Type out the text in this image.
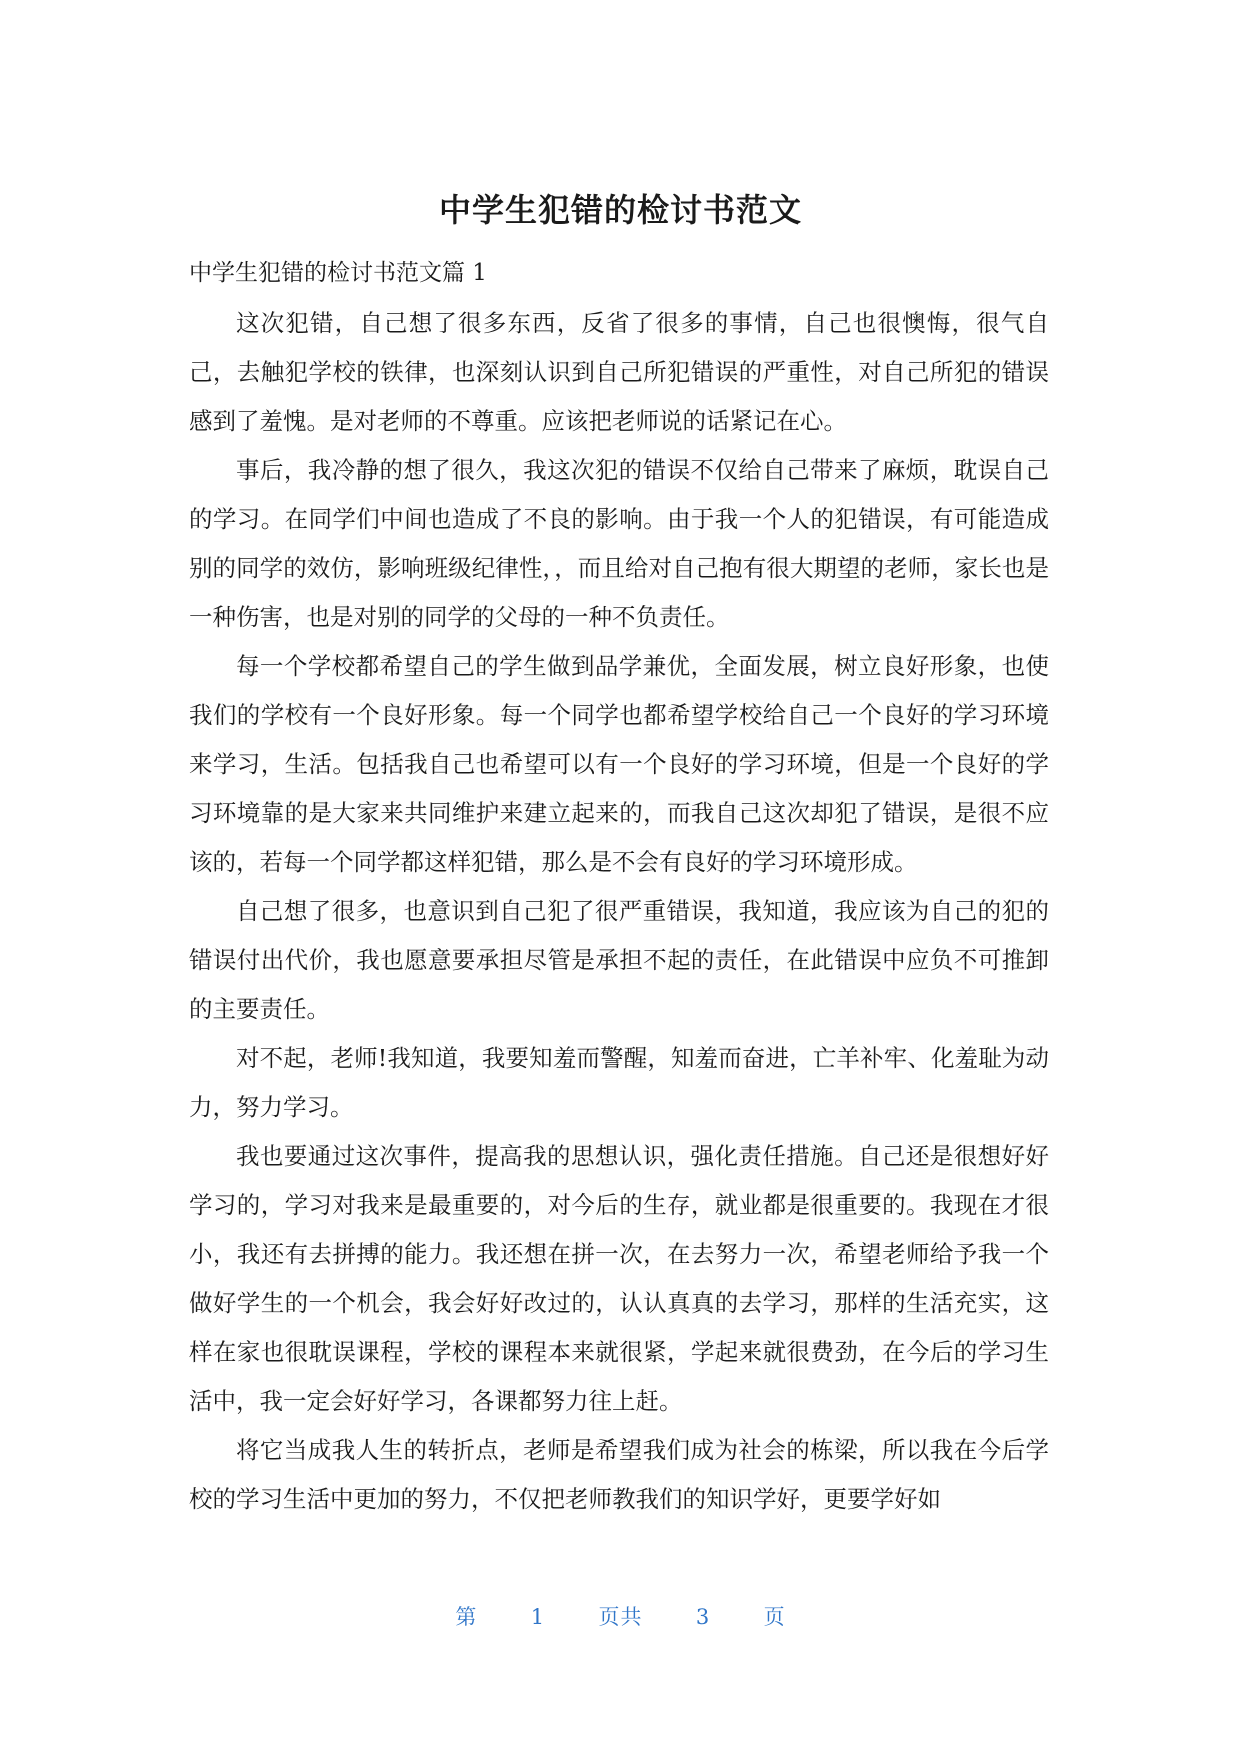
中学生犯错的检讨书范文

中学生犯错的检讨书范文篇 1

这次犯错，自己想了很多东西，反省了很多的事情，自己也很懊悔，很气自己，去触犯学校的铁律，也深刻认识到自己所犯错误的严重性，对自己所犯的错误感到了羞愧。是对老师的不尊重。应该把老师说的话紧记在心。

事后，我冷静的想了很久，我这次犯的错误不仅给自己带来了麻烦，耽误自己的学习。在同学们中间也造成了不良的影响。由于我一个人的犯错误，有可能造成别的同学的效仿，影响班级纪律性，，而且给对自己抱有很大期望的老师，家长也是一种伤害，也是对别的同学的父母的一种不负责任。

每一个学校都希望自己的学生做到品学兼优，全面发展，树立良好形象，也使我们的学校有一个良好形象。每一个同学也都希望学校给自己一个良好的学习环境来学习，生活。包括我自己也希望可以有一个良好的学习环境，但是一个良好的学习环境靠的是大家来共同维护来建立起来的，而我自己这次却犯了错误，是很不应该的，若每一个同学都这样犯错，那么是不会有良好的学习环境形成。

自己想了很多，也意识到自己犯了很严重错误，我知道，我应该为自己的犯的错误付出代价，我也愿意要承担尽管是承担不起的责任，在此错误中应负不可推卸的主要责任。

对不起，老师!我知道，我要知羞而警醒，知羞而奋进，亡羊补牢、化羞耻为动力，努力学习。

我也要通过这次事件，提高我的思想认识，强化责任措施。自己还是很想好好学习的，学习对我来是最重要的，对今后的生存，就业都是很重要的。我现在才很小，我还有去拼搏的能力。我还想在拼一次，在去努力一次，希望老师给予我一个做好学生的一个机会，我会好好改过的，认认真真的去学习，那样的生活充实，这样在家也很耽误课程，学校的课程本来就很紧，学起来就很费劲，在今后的学习生活中，我一定会好好学习，各课都努力往上赶。

将它当成我人生的转折点，老师是希望我们成为社会的栋梁，所以我在今后学校的学习生活中更加的努力，不仅把老师教我们的知识学好，更要学好如

第	1	页共	3	页
